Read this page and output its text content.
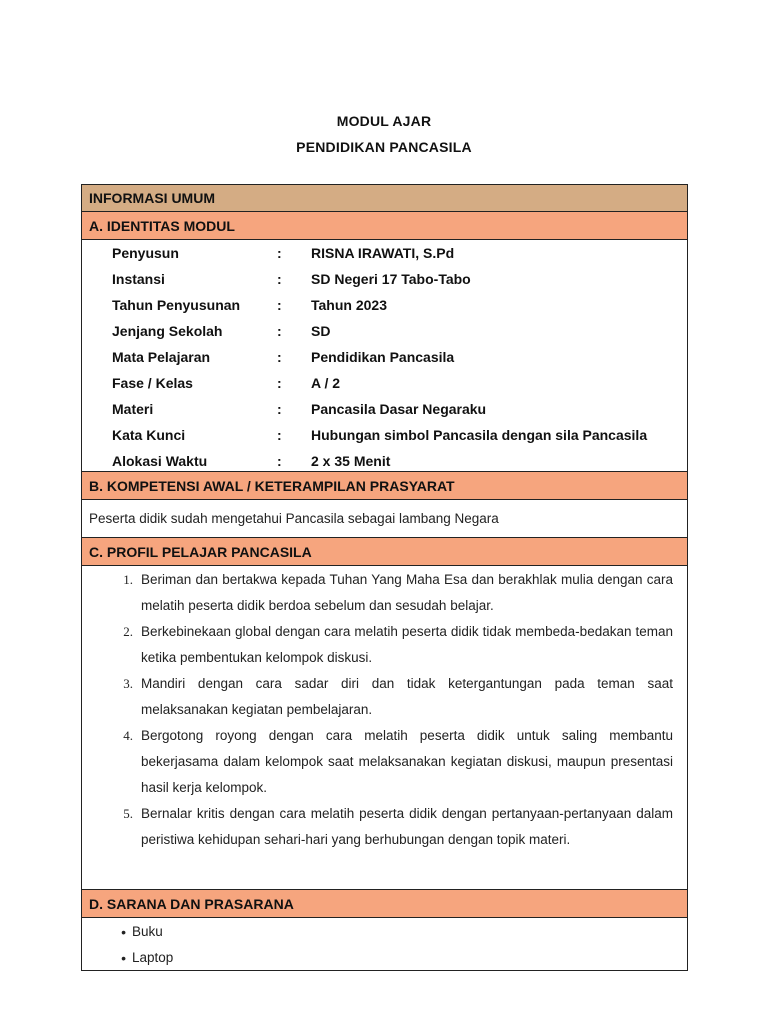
MODUL AJAR
PENDIDIKAN PANCASILA
INFORMASI UMUM
A. IDENTITAS MODUL
Penyusun	:	RISNA IRAWATI, S.Pd
Instansi	:	SD Negeri 17 Tabo-Tabo
Tahun Penyusunan	:	Tahun 2023
Jenjang Sekolah	:	SD
Mata Pelajaran	:	Pendidikan Pancasila
Fase / Kelas	:	A / 2
Materi	:	Pancasila Dasar Negaraku
Kata Kunci	:	Hubungan simbol Pancasila dengan sila Pancasila
Alokasi Waktu	:	2 x 35 Menit
B. KOMPETENSI AWAL / KETERAMPILAN PRASYARAT
Peserta didik sudah mengetahui Pancasila sebagai lambang Negara
C. PROFIL PELAJAR PANCASILA
1. Beriman dan bertakwa kepada Tuhan Yang Maha Esa dan berakhlak mulia dengan cara melatih peserta didik berdoa sebelum dan sesudah belajar.
2. Berkebinekaan global dengan cara melatih peserta didik tidak membeda-bedakan teman ketika pembentukan kelompok diskusi.
3. Mandiri dengan cara sadar diri dan tidak ketergantungan pada teman saat melaksanakan kegiatan pembelajaran.
4. Bergotong royong dengan cara melatih peserta didik untuk saling membantu bekerjasama dalam kelompok saat melaksanakan kegiatan diskusi, maupun presentasi hasil kerja kelompok.
5. Bernalar kritis dengan cara melatih peserta didik dengan pertanyaan-pertanyaan dalam peristiwa kehidupan sehari-hari yang berhubungan dengan topik materi.
D. SARANA DAN PRASARANA
• Buku
• Laptop
